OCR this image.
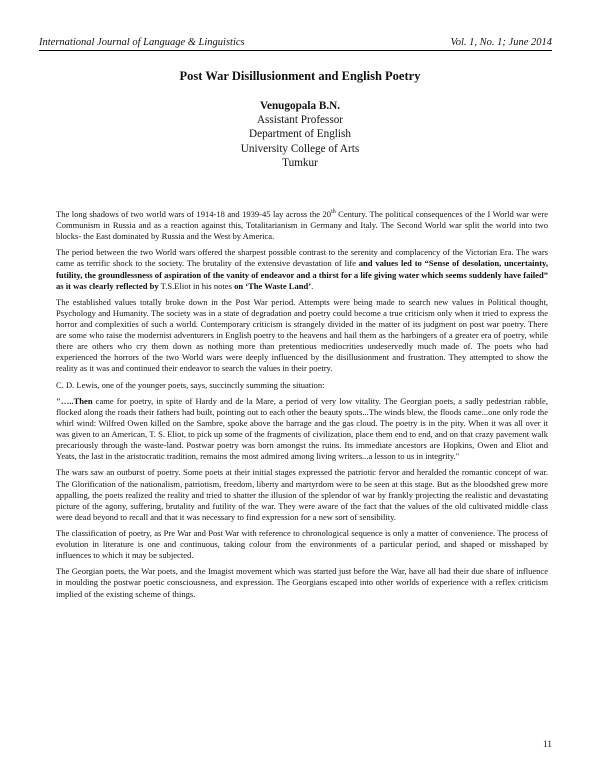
International Journal of Language & Linguistics	Vol. 1, No. 1; June 2014
Post War Disillusionment and English Poetry
Venugopala B.N.
Assistant Professor
Department of English
University College of Arts
Tumkur

The long shadows of two world wars of 1914-18 and 1939-45 lay across the 20th Century. The political consequences of the I World war were Communism in Russia and as a reaction against this, Totalitarianism in Germany and Italy. The Second World war split the world into two blocks- the East dominated by Russia and the West by America.

The period between the two World wars offered the sharpest possible contrast to the serenity and complacency of the Victorian Era. The wars came as terrific shock to the society. The brutality of the extensive devastation of life and values led to “Sense of desolation, uncertainty, futility, the groundlessness of aspiration of the vanity of endeavor and a thirst for a life giving water which seems suddenly have failed” as it was clearly reflected by T.S.Eliot in his notes on ‘The Waste Land’.

The established values totally broke down in the Post War period. Attempts were being made to search new values in Political thought, Psychology and Humanity. The society was in a state of degradation and poetry could become a true criticism only when it tried to express the horror and complexities of such a world. Contemporary criticism is strangely divided in the matter of its judgment on post war poetry. There are some who raise the modernist adventurers in English poetry to the heavens and hail them as the harbingers of a greater era of poetry, while there are others who cry them down as nothing more than pretentious mediocrities undeservedly much made of. The poets who had experienced the horrors of the two World wars were deeply influenced by the disillusionment and frustration. They attempted to show the reality as it was and continued their endeavor to search the values in their poetry.

C. D. Lewis, one of the younger poets, says, succinctly summing the situation:

"…..Then came for poetry, in spite of Hardy and de la Mare, a period of very low vitality. The Georgian poets, a sadly pedestrian rabble, flocked along the roads their fathers had built, pointing out to each other the beauty spots...The winds blew, the floods came...one only rode the whirl wind: Wilfred Owen killed on the Sambre, spoke above the barrage and the gas cloud. The poetry is in the pity. When it was all over it was given to an American, T. S. Eliot, to pick up some of the fragments of civilization, place them end to end, and on that crazy pavement walk precariously through the waste-land. Postwar poetry was born amongst the ruins. Its immediate ancestors are Hopkins, Owen and Eliot and Yeats, the last in the aristocratic tradition, remains the most admired among living writers...a lesson to us in integrity."

The wars saw an outburst of poetry. Some poets at their initial stages expressed the patriotic fervor and heralded the romantic concept of war. The Glorification of the nationalism, patriotism, freedom, liberty and martyrdom were to be seen at this stage. But as the bloodshed grew more appalling, the poets realized the reality and tried to shatter the illusion of the splendor of war by frankly projecting the realistic and devastating picture of the agony, suffering, brutality and futility of the war. They were aware of the fact that the values of the old cultivated middle class were dead beyond to recall and that it was necessary to find expression for a new sort of sensibility.

The classification of poetry, as Pre War and Post War with reference to chronological sequence is only a matter of convenience. The process of evolution in literature is one and continuous, taking colour from the environments of a particular period, and shaped or misshaped by influences to which it may be subjected.

The Georgian poets, the War poets, and the Imagist movement which was started just before the War, have all had their due share of influence in moulding the postwar poetic consciousness, and expression. The Georgians escaped into other worlds of experience with a reflex criticism implied of the existing scheme of things.

11
